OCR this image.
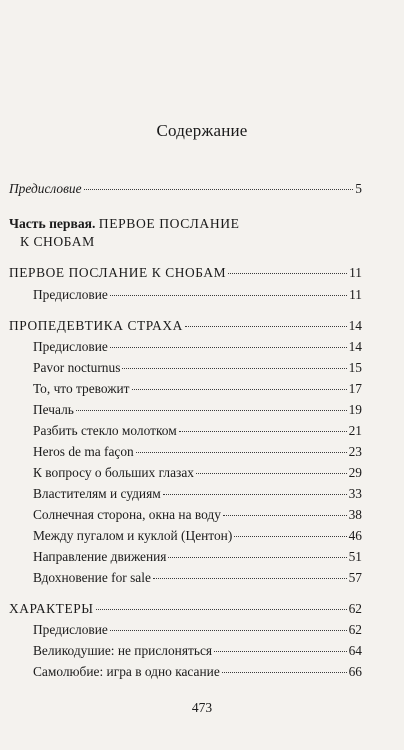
Содержание
Предисловие	5
Часть первая. ПЕРВОЕ ПОСЛАНИЕ
К СНОБАМ
ПЕРВОЕ ПОСЛАНИЕ К СНОБАМ	11
Предисловие	11
ПРОПЕДЕВТИКА СТРАХА	14
Предисловие	14
Pavor nocturnus	15
То, что тревожит	17
Печаль	19
Разбить стекло молотком	21
Heros de ma façon	23
К вопросу о больших глазах	29
Властителям и судиям	33
Солнечная сторона, окна на воду	38
Между пугалом и куклой (Центон)	46
Направление движения	51
Вдохновение for sale	57
ХАРАКТЕРЫ	62
Предисловие	62
Великодушие: не прислоняться	64
Самолюбие: игра в одно касание	66
473
